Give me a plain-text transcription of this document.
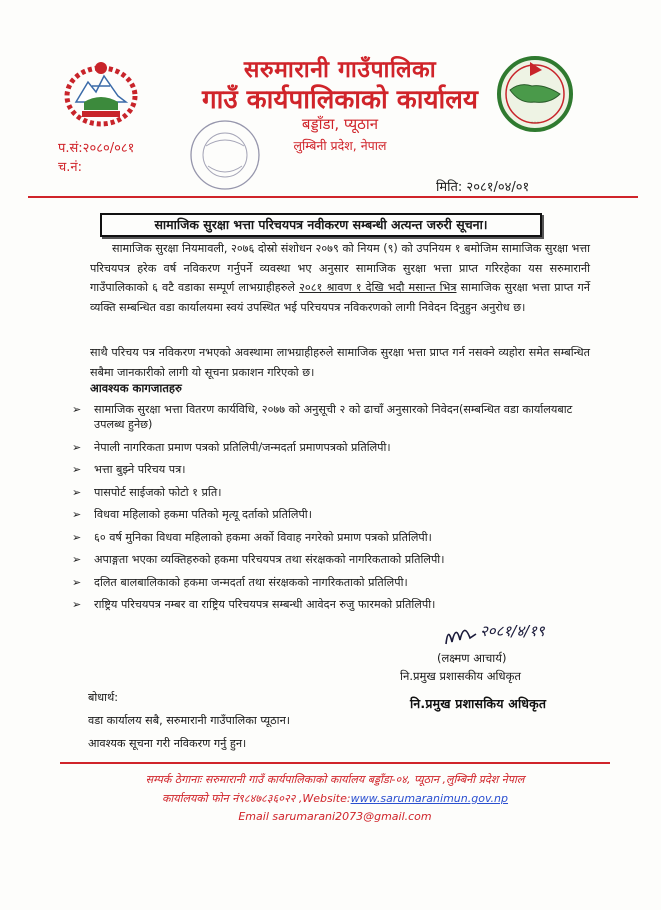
◦◦◦
सरुमारानी गाउँपालिका
गाउँ कार्यपालिकाको कार्यालय
बड्डाँडा, प्यूठान
लुम्बिनी प्रदेश, नेपाल
प.सं:२०८०/०८१
च.नं:
मिति: २०८१/०४/०१
सामाजिक सुरक्षा भत्ता परिचयपत्र नवीकरण सम्बन्धी अत्यन्त जरुरी सूचना।

सामाजिक सुरक्षा नियमावली, २०७६ दोस्रो संशोधन २०७९ को नियम (९) को उपनियम १ बमोजिम सामाजिक सुरक्षा भत्ता परिचयपत्र हरेक वर्ष नविकरण गर्नुपर्ने व्यवस्था भए अनुसार सामाजिक सुरक्षा भत्ता प्राप्त गरिरहेका यस सरुमारानी गाउँपालिकाको ६ वटै वडाका सम्पूर्ण लाभग्राहीहरुले २०८१ श्रावण १ देखि भदौ मसान्त भित्र सामाजिक सुरक्षा भत्ता प्राप्त गर्ने व्यक्ति सम्बन्धित वडा कार्यालयमा स्वयं उपस्थित भई परिचयपत्र नविकरणको लागी निवेदन दिनुहुन अनुरोध छ।

साथै परिचय पत्र नविकरण नभएको अवस्थामा लाभग्राहीहरुले सामाजिक सुरक्षा भत्ता प्राप्त गर्न नसक्ने व्यहोरा समेत सम्बन्धित सबैमा जानकारीको लागी यो सूचना प्रकाशन गरिएको छ।

आवश्यक कागजातहरु
➢ सामाजिक सुरक्षा भत्ता वितरण कार्यविधि, २०७७ को अनुसूची २ को ढाचाँ अनुसारको निवेदन(सम्बन्धित वडा कार्यालयबाट उपलब्ध हुनेछ)
➢ नेपाली नागरिकता प्रमाण पत्रको प्रतिलिपी/जन्मदर्ता प्रमाणपत्रको प्रतिलिपी।
➢ भत्ता बुझ्ने परिचय पत्र।
➢ पासपोर्ट साईजको फोटो १ प्रति।
➢ विधवा महिलाको हकमा पतिको मृत्यू दर्ताको प्रतिलिपी।
➢ ६० वर्ष मुनिका विधवा महिलाको हकमा अर्को विवाह नगरेको प्रमाण पत्रको प्रतिलिपी।
➢ अपाङ्गता भएका व्यक्तिहरुको हकमा परिचयपत्र तथा संरक्षकको नागरिकताको प्रतिलिपी।
➢ दलित बालबालिकाको हकमा जन्मदर्ता तथा संरक्षकको नागरिकताको प्रतिलिपी।
➢ राष्ट्रिय परिचयपत्र नम्बर वा राष्ट्रिय परिचयपत्र सम्बन्धी आवेदन रुजु फारमको प्रतिलिपी।
२०८१/४/१९
(लक्ष्मण आचार्य)
नि.प्रमुख प्रशासकीय अधिकृत
नि.प्रमुख प्रशासकिय अधिकृत
बोधार्थ:
वडा कार्यालय सबै, सरुमारानी गाउँपालिका प्यूठान।
आवश्यक सूचना गरी नविकरण गर्नु हुन।
सम्पर्क ठेगानाः सरुमारानी गाउँ कार्यपालिकाको कार्यालय बड्डाँडा-०४, प्यूठान ,लुम्बिनी प्रदेश नेपाल
कार्यालयको फोन नं९८४७८३६०२२ ,Website:www.sarumaranimun.gov.np
Email sarumarani2073@gmail.com
